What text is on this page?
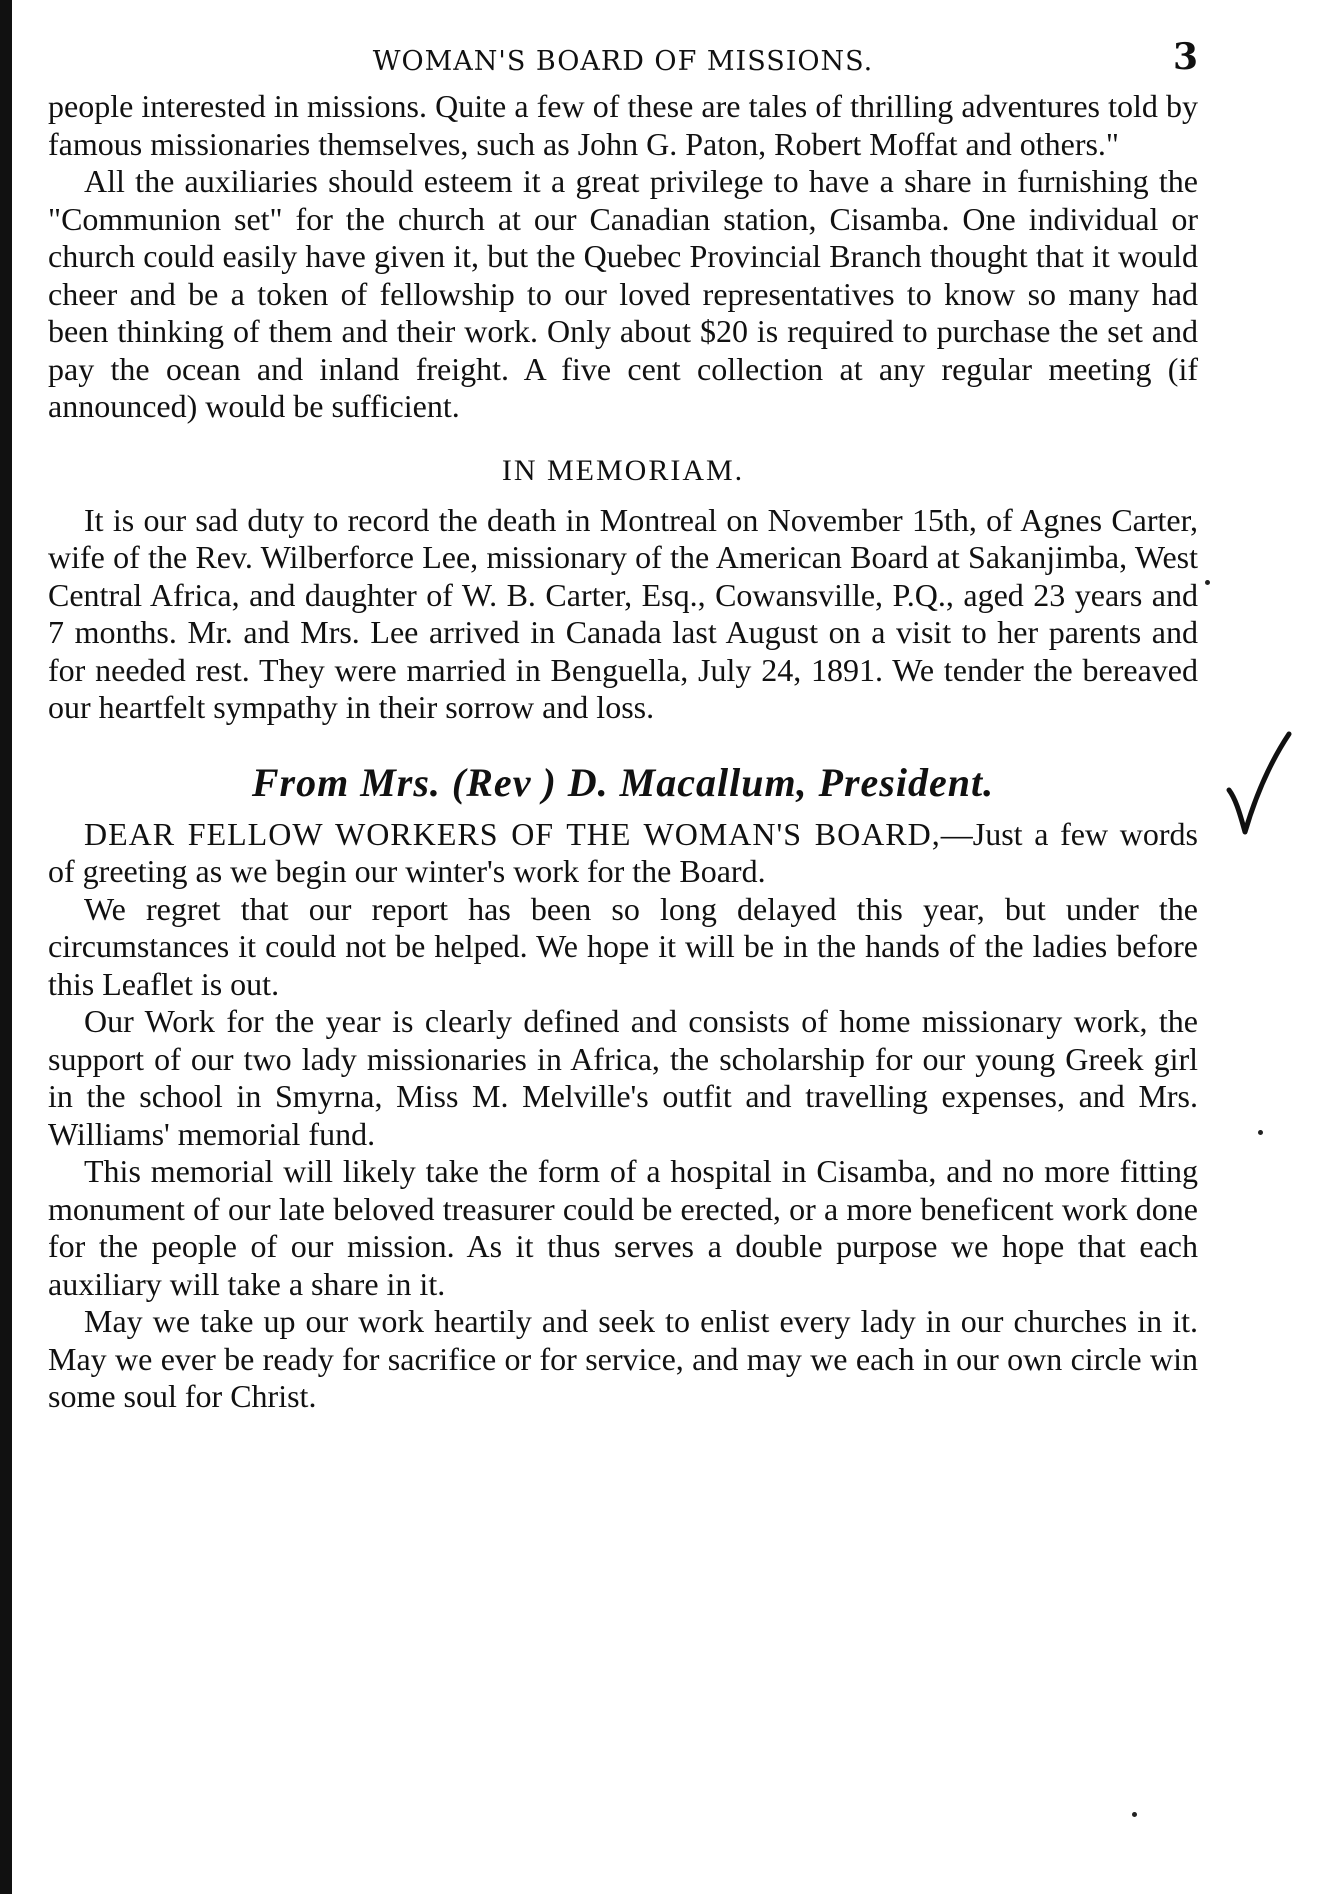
WOMAN'S BOARD OF MISSIONS.	3

people interested in missions. Quite a few of these are tales of thrilling adventures told by famous missionaries themselves, such as John G. Paton, Robert Moffat and others."

All the auxiliaries should esteem it a great privilege to have a share in furnishing the "Communion set" for the church at our Canadian station, Cisamba. One individual or church could easily have given it, but the Quebec Provincial Branch thought that it would cheer and be a token of fellowship to our loved representatives to know so many had been thinking of them and their work. Only about $20 is required to purchase the set and pay the ocean and inland freight. A five cent collection at any regular meeting (if announced) would be sufficient.

IN MEMORIAM.

It is our sad duty to record the death in Montreal on November 15th, of Agnes Carter, wife of the Rev. Wilberforce Lee, missionary of the American Board at Sakanjimba, West Central Africa, and daughter of W. B. Carter, Esq., Cowansville, P.Q., aged 23 years and 7 months. Mr. and Mrs. Lee arrived in Canada last August on a visit to her parents and for needed rest. They were married in Benguella, July 24, 1891. We tender the bereaved our heartfelt sympathy in their sorrow and loss.

From Mrs. (Rev ) D. Macallum, President.

DEAR FELLOW WORKERS OF THE WOMAN'S BOARD,—Just a few words of greeting as we begin our winter's work for the Board.

We regret that our report has been so long delayed this year, but under the circumstances it could not be helped. We hope it will be in the hands of the ladies before this Leaflet is out.

Our Work for the year is clearly defined and consists of home missionary work, the support of our two lady missionaries in Africa, the scholarship for our young Greek girl in the school in Smyrna, Miss M. Melville's outfit and travelling expenses, and Mrs. Williams' memorial fund.

This memorial will likely take the form of a hospital in Cisamba, and no more fitting monument of our late beloved treasurer could be erected, or a more beneficent work done for the people of our mission. As it thus serves a double purpose we hope that each auxiliary will take a share in it.

May we take up our work heartily and seek to enlist every lady in our churches in it. May we ever be ready for sacrifice or for service, and may we each in our own circle win some soul for Christ.
